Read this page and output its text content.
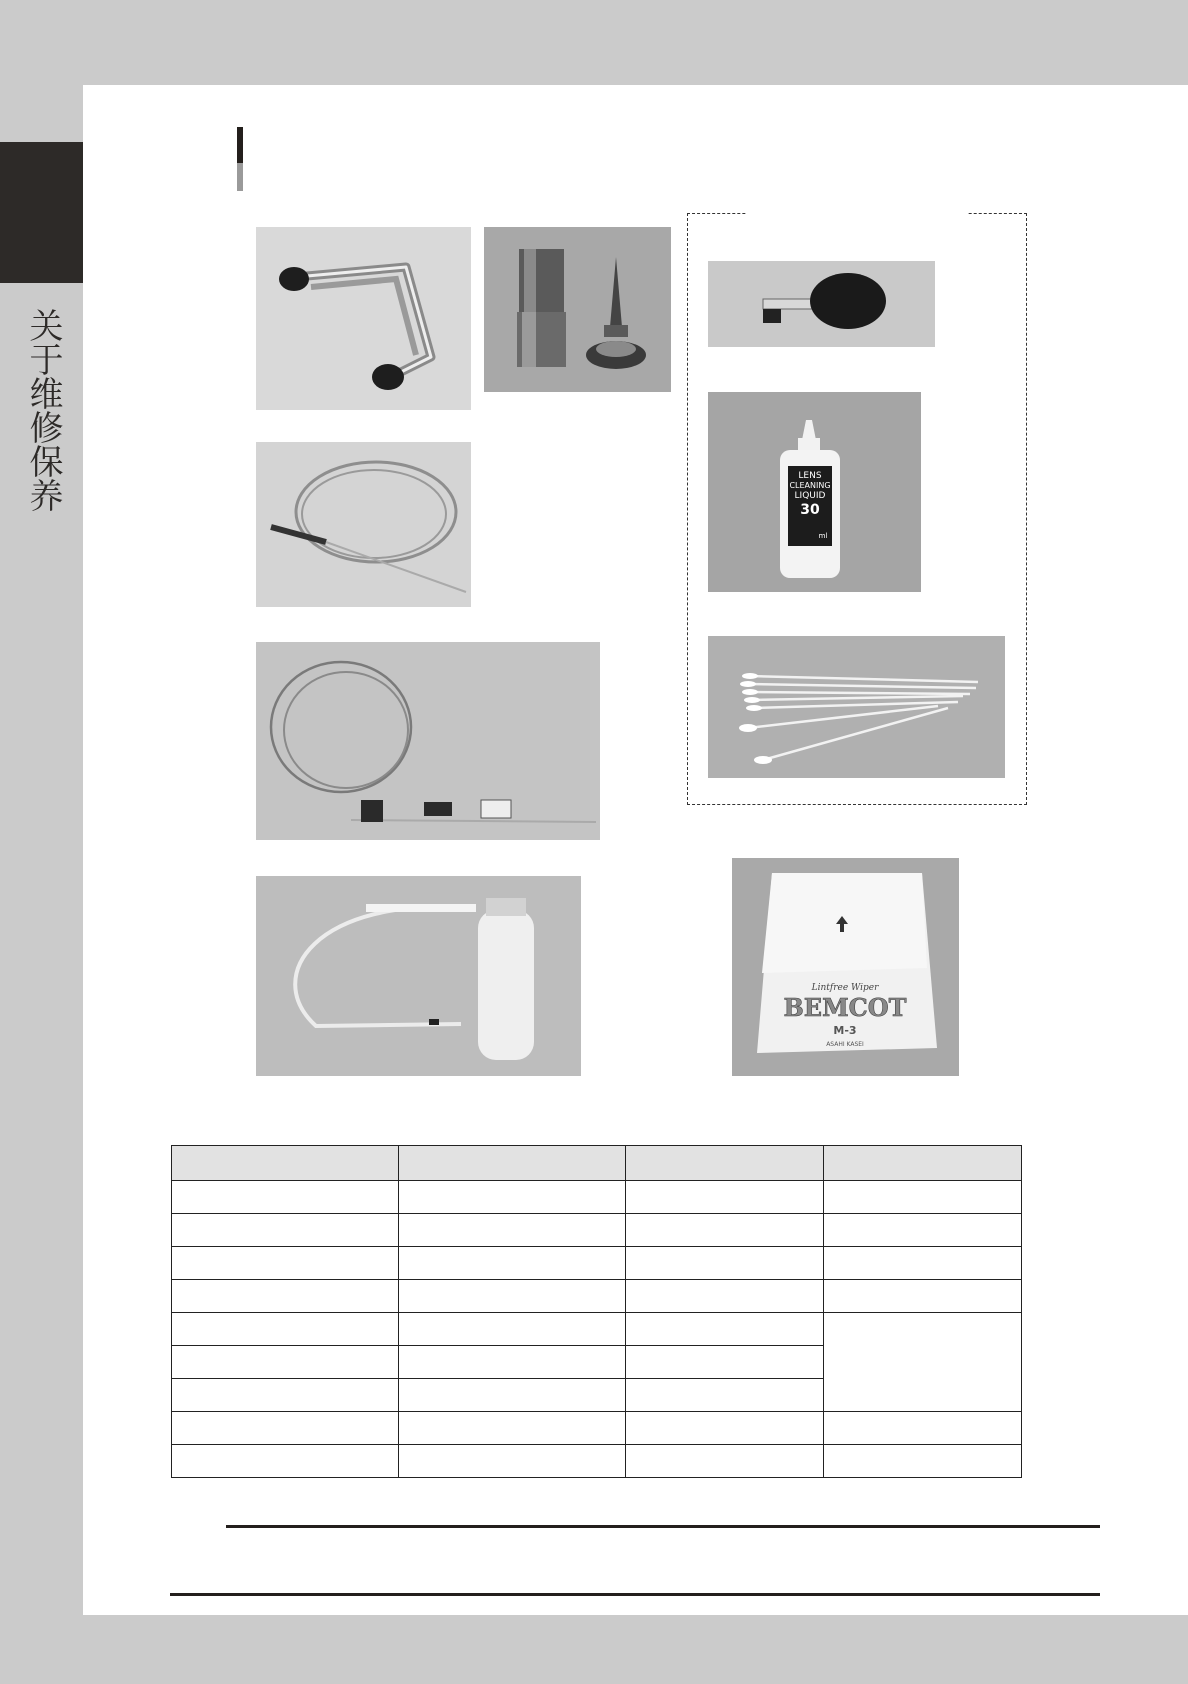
关于维修保养	LENS
CLEANING
LIQUID
30
ml
Lintfree Wiper
BEMCOT
M-3
ASAHI KASEI
